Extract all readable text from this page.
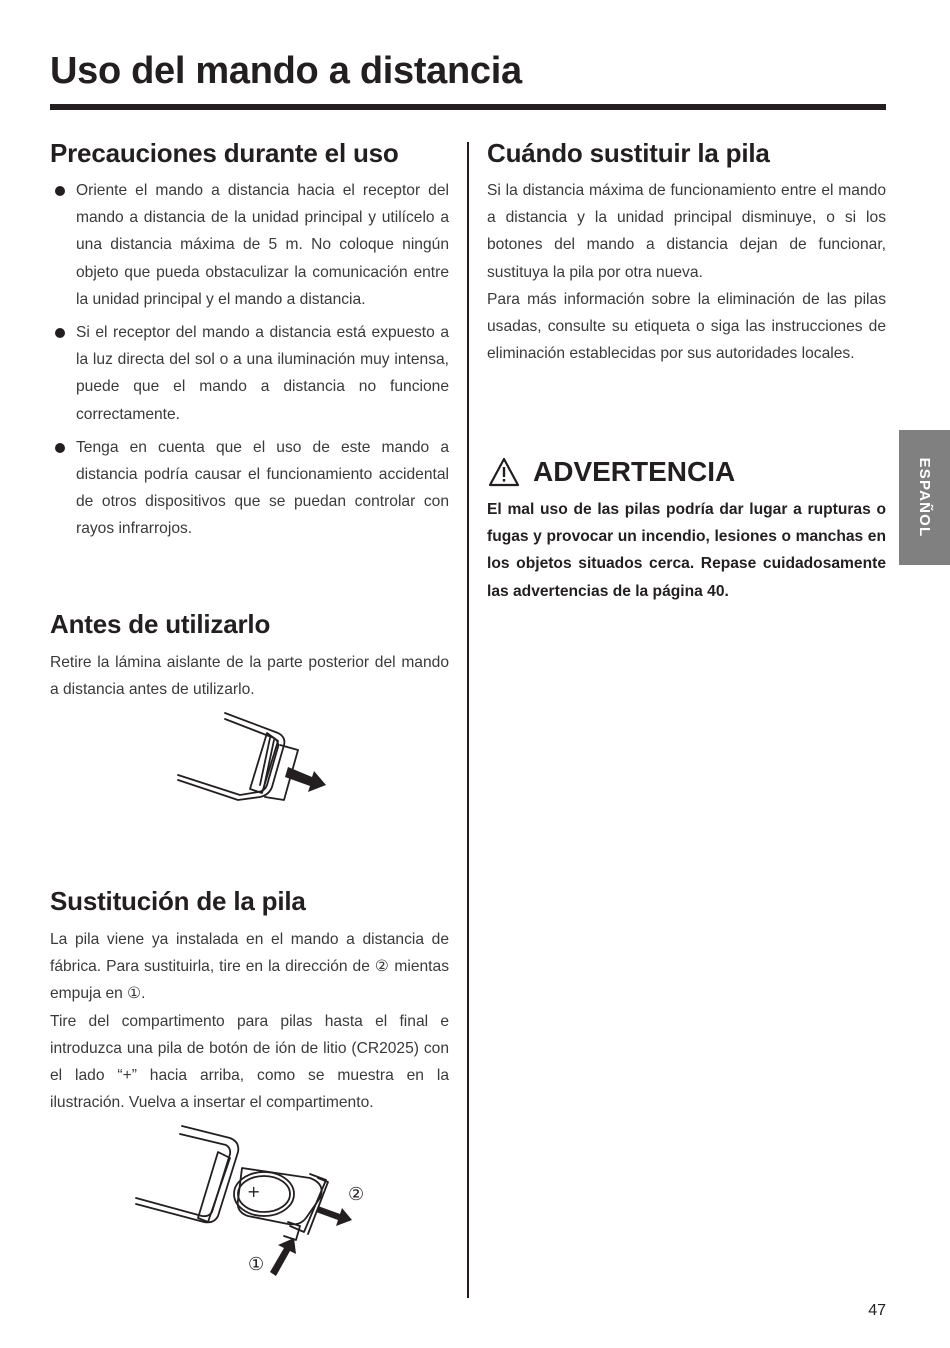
Uso del mando a distancia
Precauciones durante el uso
Oriente el mando a distancia hacia el receptor del mando a distancia de la unidad principal y utilícelo a una distancia máxima de 5 m. No coloque ningún objeto que pueda obstaculizar la comunicación entre la unidad principal y el mando a distancia.
Si el receptor del mando a distancia está expuesto a la luz directa del sol o a una iluminación muy intensa, puede que el mando a distancia no funcione correctamente.
Tenga en cuenta que el uso de este mando a distancia podría causar el funcionamiento accidental de otros dispositivos que se puedan controlar con rayos infrarrojos.
Antes de utilizarlo

Retire la lámina aislante de la parte posterior del mando a distancia antes de utilizarlo.

Sustitución de la pila

La pila viene ya instalada en el mando a distancia de fábrica. Para sustituirla, tire en la dirección de ② mientas empuja en ①.

Tire del compartimento para pilas hasta el final e introduzca una pila de botón de ión de litio (CR2025) con el lado “+” hacia arriba, como se muestra en la ilustración. Vuelva a insertar el compartimento.

+	②
①
Cuándo sustituir la pila

Si la distancia máxima de funcionamiento entre el mando a distancia y la unidad principal disminuye, o si los botones del mando a distancia dejan de funcionar, sustituya la pila por otra nueva.

Para más información sobre la eliminación de las pilas usadas, consulte su etiqueta o siga las instrucciones de eliminación establecidas por sus autoridades locales.

ADVERTENCIA

El mal uso de las pilas podría dar lugar a rupturas o fugas y provocar un incendio, lesiones o manchas en los objetos situados cerca. Repase cuidadosamente las advertencias de la página 40.

ESPAÑOL
47
